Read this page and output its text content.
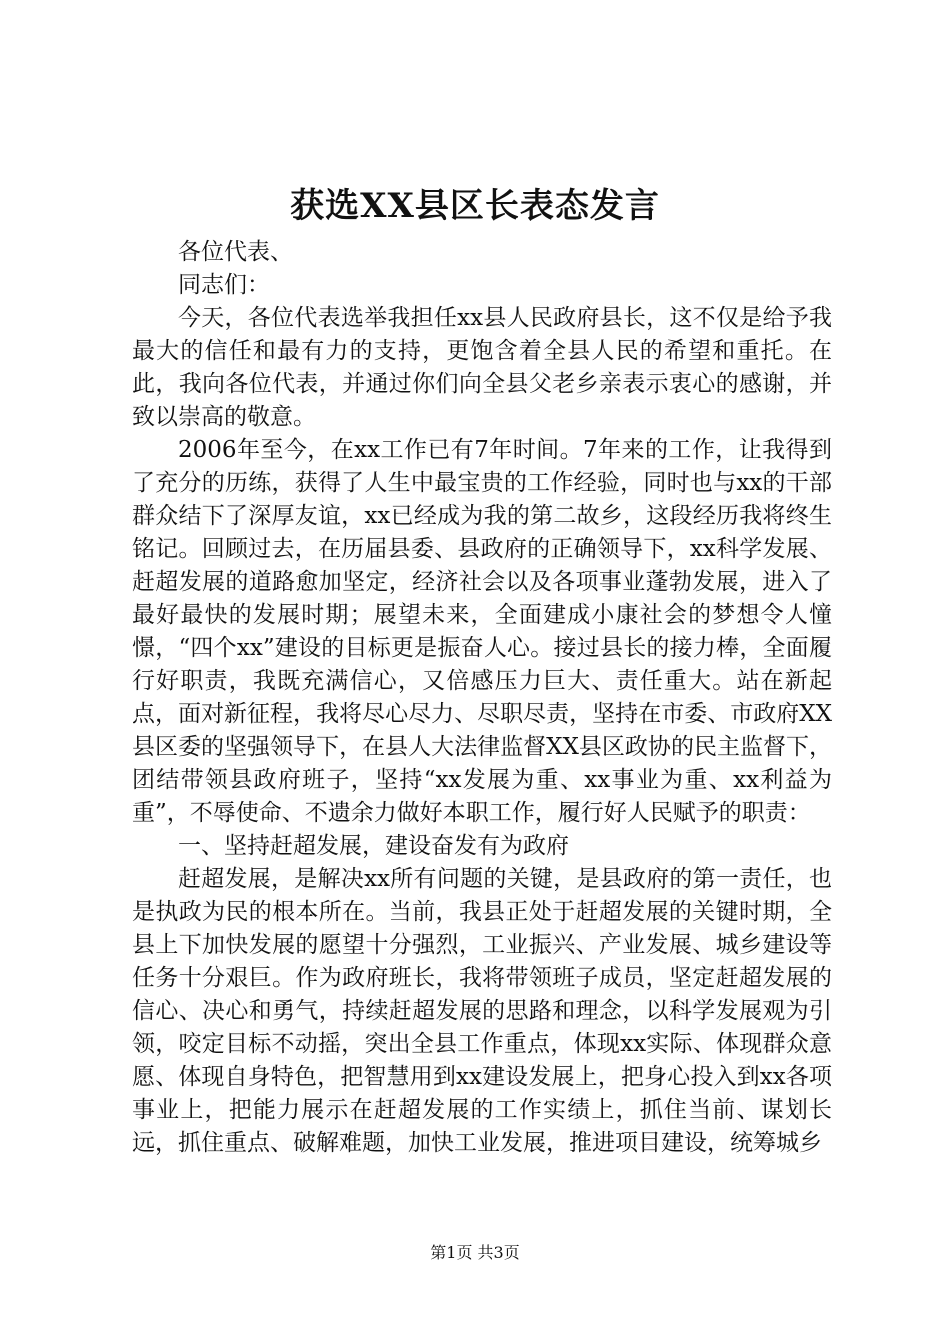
获选XX县区长表态发言

各位代表、

同志们：

今天，各位代表选举我担任xx县人民政府县长，这不仅是给予我最大的信任和最有力的支持，更饱含着全县人民的希望和重托。在此，我向各位代表，并通过你们向全县父老乡亲表示衷心的感谢，并致以崇高的敬意。

2006年至今，在xx工作已有7年时间。7年来的工作，让我得到了充分的历练，获得了人生中最宝贵的工作经验，同时也与xx的干部群众结下了深厚友谊，xx已经成为我的第二故乡，这段经历我将终生铭记。回顾过去，在历届县委、县政府的正确领导下，xx科学发展、赶超发展的道路愈加坚定，经济社会以及各项事业蓬勃发展，进入了最好最快的发展时期；展望未来，全面建成小康社会的梦想令人憧憬，“四个xx”建设的目标更是振奋人心。接过县长的接力棒，全面履行好职责，我既充满信心，又倍感压力巨大、责任重大。站在新起点，面对新征程，我将尽心尽力、尽职尽责，坚持在市委、市政府XX县区委的坚强领导下，在县人大法律监督XX县区政协的民主监督下，团结带领县政府班子，坚持“xx发展为重、xx事业为重、xx利益为重”，不辱使命、不遗余力做好本职工作，履行好人民赋予的职责：

一、坚持赶超发展，建设奋发有为政府

赶超发展，是解决xx所有问题的关键，是县政府的第一责任，也是执政为民的根本所在。当前，我县正处于赶超发展的关键时期，全县上下加快发展的愿望十分强烈，工业振兴、产业发展、城乡建设等任务十分艰巨。作为政府班长，我将带领班子成员，坚定赶超发展的信心、决心和勇气，持续赶超发展的思路和理念，以科学发展观为引领，咬定目标不动摇，突出全县工作重点，体现xx实际、体现群众意愿、体现自身特色，把智慧用到xx建设发展上，把身心投入到xx各项事业上，把能力展示在赶超发展的工作实绩上，抓住当前、谋划长远，抓住重点、破解难题，加快工业发展，推进项目建设，统筹城乡

第1页 共3页
